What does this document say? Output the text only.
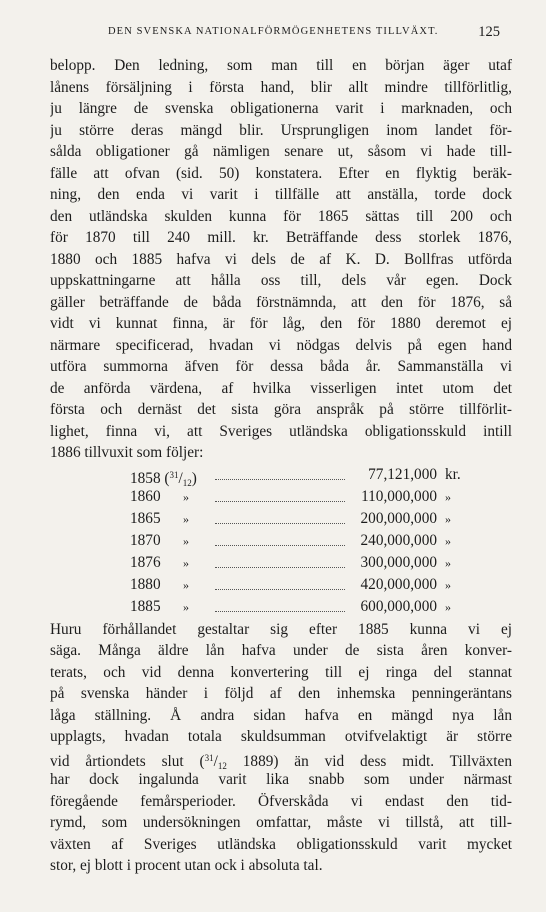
DEN SVENSKA NATIONALFÖRMÖGENHETENS TILLVÄXT.	125
belopp. Den ledning, som man till en början äger utaf
lånens försäljning i första hand, blir allt mindre tillförlitlig,
ju längre de svenska obligationerna varit i marknaden, och
ju större deras mängd blir. Ursprungligen inom landet för-
sålda obligationer gå nämligen senare ut, såsom vi hade till-
fälle att ofvan (sid. 50) konstatera. Efter en flyktig beräk-
ning, den enda vi varit i tillfälle att anställa, torde dock
den utländska skulden kunna för 1865 sättas till 200 och
för 1870 till 240 mill. kr. Beträffande dess storlek 1876,
1880 och 1885 hafva vi dels de af K. D. Bollfras utförda
uppskattningarne att hålla oss till, dels vår egen. Dock
gäller beträffande de båda förstnämnda, att den för 1876, så
vidt vi kunnat finna, är för låg, den för 1880 deremot ej
närmare specificerad, hvadan vi nödgas delvis på egen hand
utföra summorna äfven för dessa båda år. Sammanställa vi
de anförda värdena, af hvilka visserligen intet utom det
första och dernäst det sista göra anspråk på större tillförlit-
lighet, finna vi, att Sveriges utländska obligationsskuld intill
1886 tillvuxit som följer:
1858 $(^{31}/_{12})$	77,121,000 kr.
1860 »	110,000,000 »
1865 »	200,000,000 »
1870 »	240,000,000 »
1876 »	300,000,000 »
1880 »	420,000,000 »
1885 »	600,000,000 »
Huru förhållandet gestaltar sig efter 1885 kunna vi ej
säga. Många äldre lån hafva under de sista åren konver-
terats, och vid denna konvertering till ej ringa del stannat
på svenska händer i följd af den inhemska penningeräntans
låga ställning. Å andra sidan hafva en mängd nya lån
upplagts, hvadan totala skuldsumman otvifvelaktigt är större
vid årtiondets slut ($^{31}/_{12}$ 1889) än vid dess midt. Tillväxten
har dock ingalunda varit lika snabb som under närmast
föregående femårsperioder. Öfverskåda vi endast den tid-
rymd, som undersökningen omfattar, måste vi tillstå, att till-
växten af Sveriges utländska obligationsskuld varit mycket
stor, ej blott i procent utan ock i absoluta tal.
